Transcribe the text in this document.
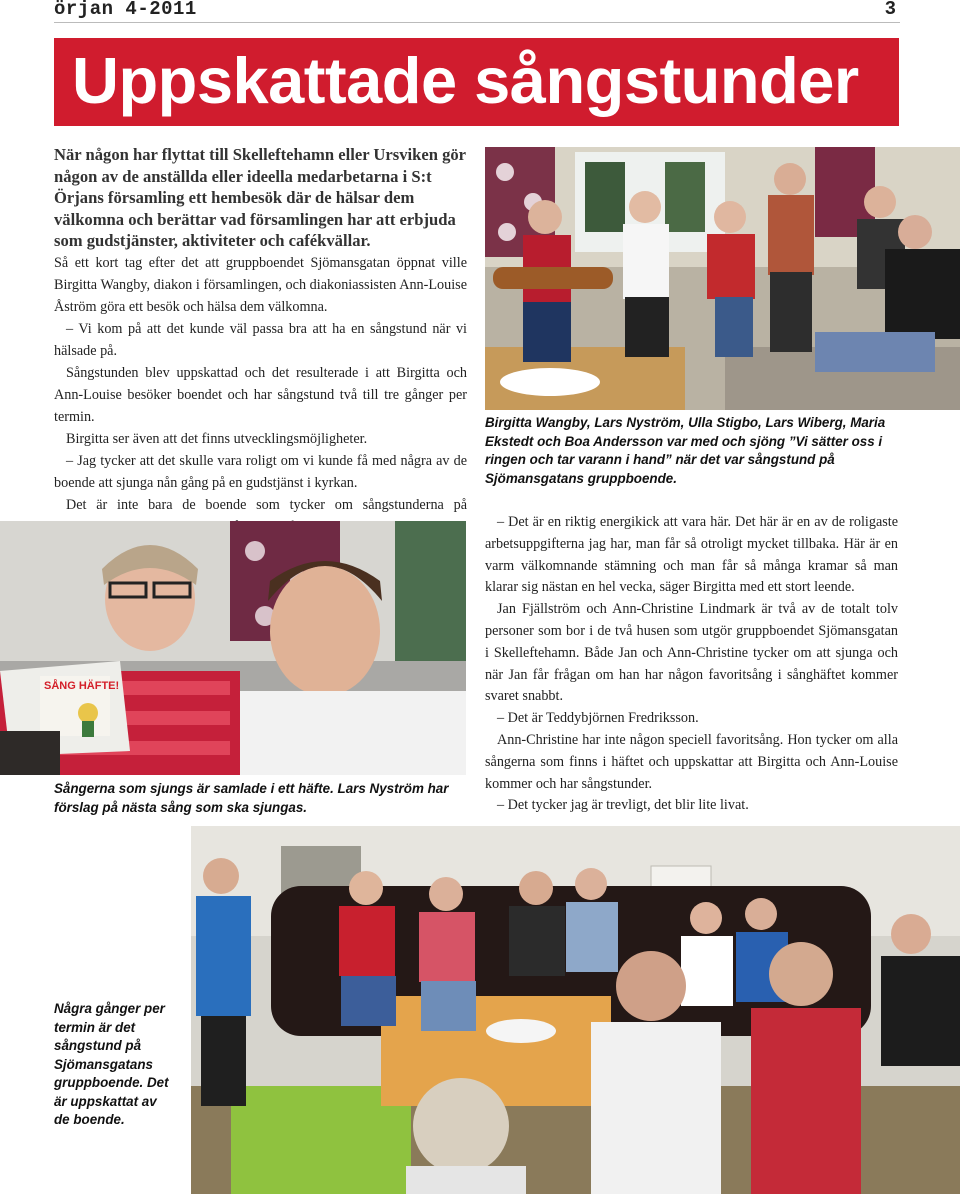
örjan 4-2011	3
Uppskattade sångstunder

När någon har flyttat till Skelleftehamn eller Ursviken gör någon av de anställda eller ideella medarbetarna i S:t Örjans församling ett hembesök där de hälsar dem välkomna och berättar vad församlingen har att erbjuda som gudstjänster, aktiviteter och cafékvällar.

Så ett kort tag efter det att gruppboendet Sjömansgatan öppnat ville Birgitta Wangby, diakon i församlingen, och diakoniassisten Ann-Louise Åström göra ett besök och hälsa dem välkomna.

– Vi kom på att det kunde väl passa bra att ha en sångstund när vi hälsade på.

Sångstunden blev uppskattad och det resulterade i att Birgitta och Ann-Louise besöker boendet och har sångstund två till tre gånger per termin.

Birgitta ser även att det finns utvecklingsmöjligheter.

– Jag tycker att det skulle vara roligt om vi kunde få med några av de boende att sjunga nån gång på en gudstjänst i kyrkan.

Det är inte bara de boende som tycker om sångstunderna på

Birgitta Wangby, Lars Nyström, Ulla Stigbo, Lars Wiberg, Maria Ekstedt och Boa Andersson var med och sjöng ”Vi sätter oss i ringen och tar varann i hand” när det var sångstund på Sjömansgatans gruppboende.

– Det är en riktig energikick att vara här. Det här är en av de roligaste arbetsuppgifterna jag har, man får så otroligt mycket tillbaka. Här är en varm välkomnande stämning och man får så många kramar så man klarar sig nästan en hel vecka, säger Birgitta med ett stort leende.

Jan Fjällström och Ann-Christine Lindmark är två av de totalt tolv personer som bor i de två husen som utgör gruppboendet Sjömansgatan i Skelleftehamn. Både Jan och Ann-Christine tycker om att sjunga och när Jan får frågan om han har någon favoritsång i sånghäftet kommer svaret snabbt.

– Det är Teddybjörnen Fredriksson.

Ann-Christine har inte någon speciell favoritsång. Hon tycker om alla sångerna som finns i häftet och uppskattar att Birgitta och Ann-Louise kommer och har sångstunder.

– Det tycker jag är trevligt, det blir lite livat.

SÅNG HÄFTE!
Sångerna som sjungs är samlade i ett häfte. Lars Nyström har förslag på nästa sång som ska sjungas.
Några gånger per termin är det sångstund på Sjömansgatans gruppboende. Det är uppskattat av de boende.
